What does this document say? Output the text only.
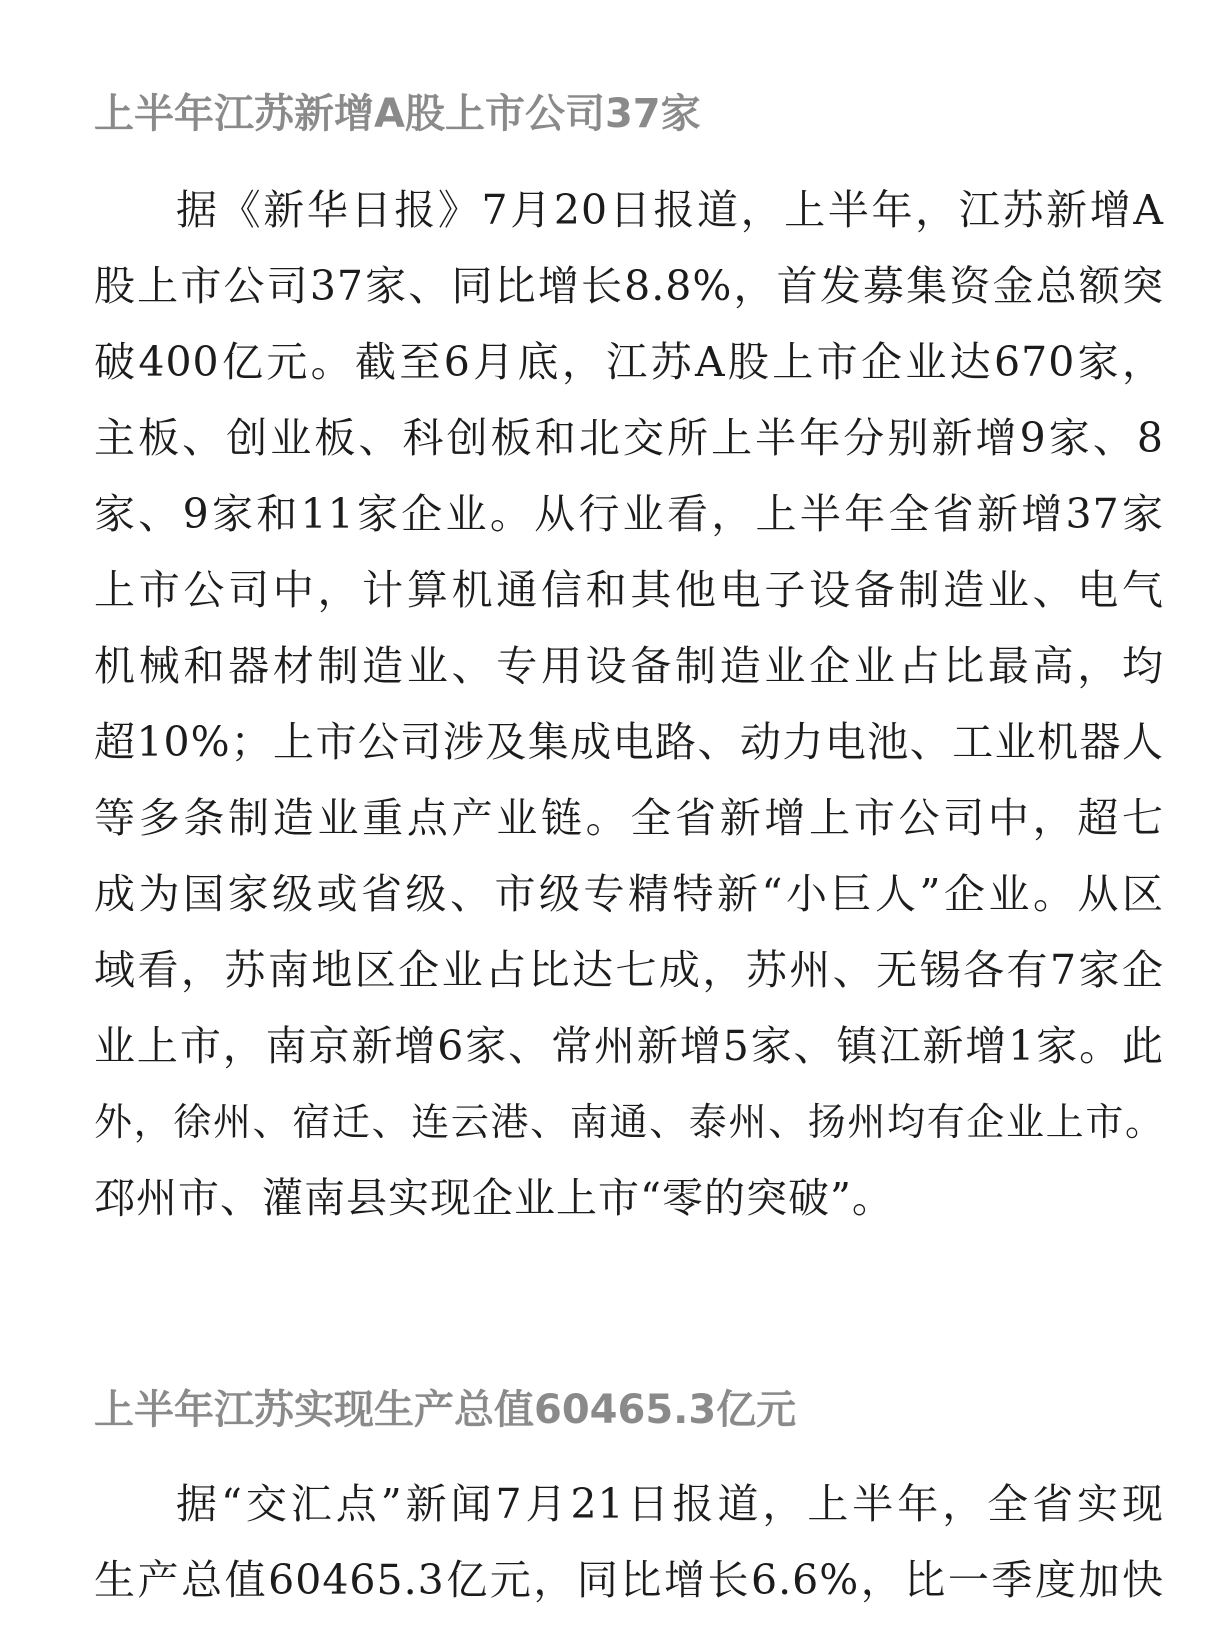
上半年江苏新增A股上市公司37家
据《新华日报》7月20日报道，上半年，江苏新增A
股上市公司37家、同比增长8.8%，首发募集资金总额突
破400亿元。截至6月底，江苏A股上市企业达670家，
主板、创业板、科创板和北交所上半年分别新增9家、8
家、9家和11家企业。从行业看，上半年全省新增37家
上市公司中，计算机通信和其他电子设备制造业、电气
机械和器材制造业、专用设备制造业企业占比最高，均
超10%；上市公司涉及集成电路、动力电池、工业机器人
等多条制造业重点产业链。全省新增上市公司中，超七
成为国家级或省级、市级专精特新“小巨人”企业。从区
域看，苏南地区企业占比达七成，苏州、无锡各有7家企
业上市，南京新增6家、常州新增5家、镇江新增1家。此
外，徐州、宿迁、连云港、南通、泰州、扬州均有企业上市。
邳州市、灌南县实现企业上市“零的突破”。
上半年江苏实现生产总值60465.3亿元
据“交汇点”新闻7月21日报道，上半年，全省实现
生产总值60465.3亿元，同比增长6.6%，比一季度加快
